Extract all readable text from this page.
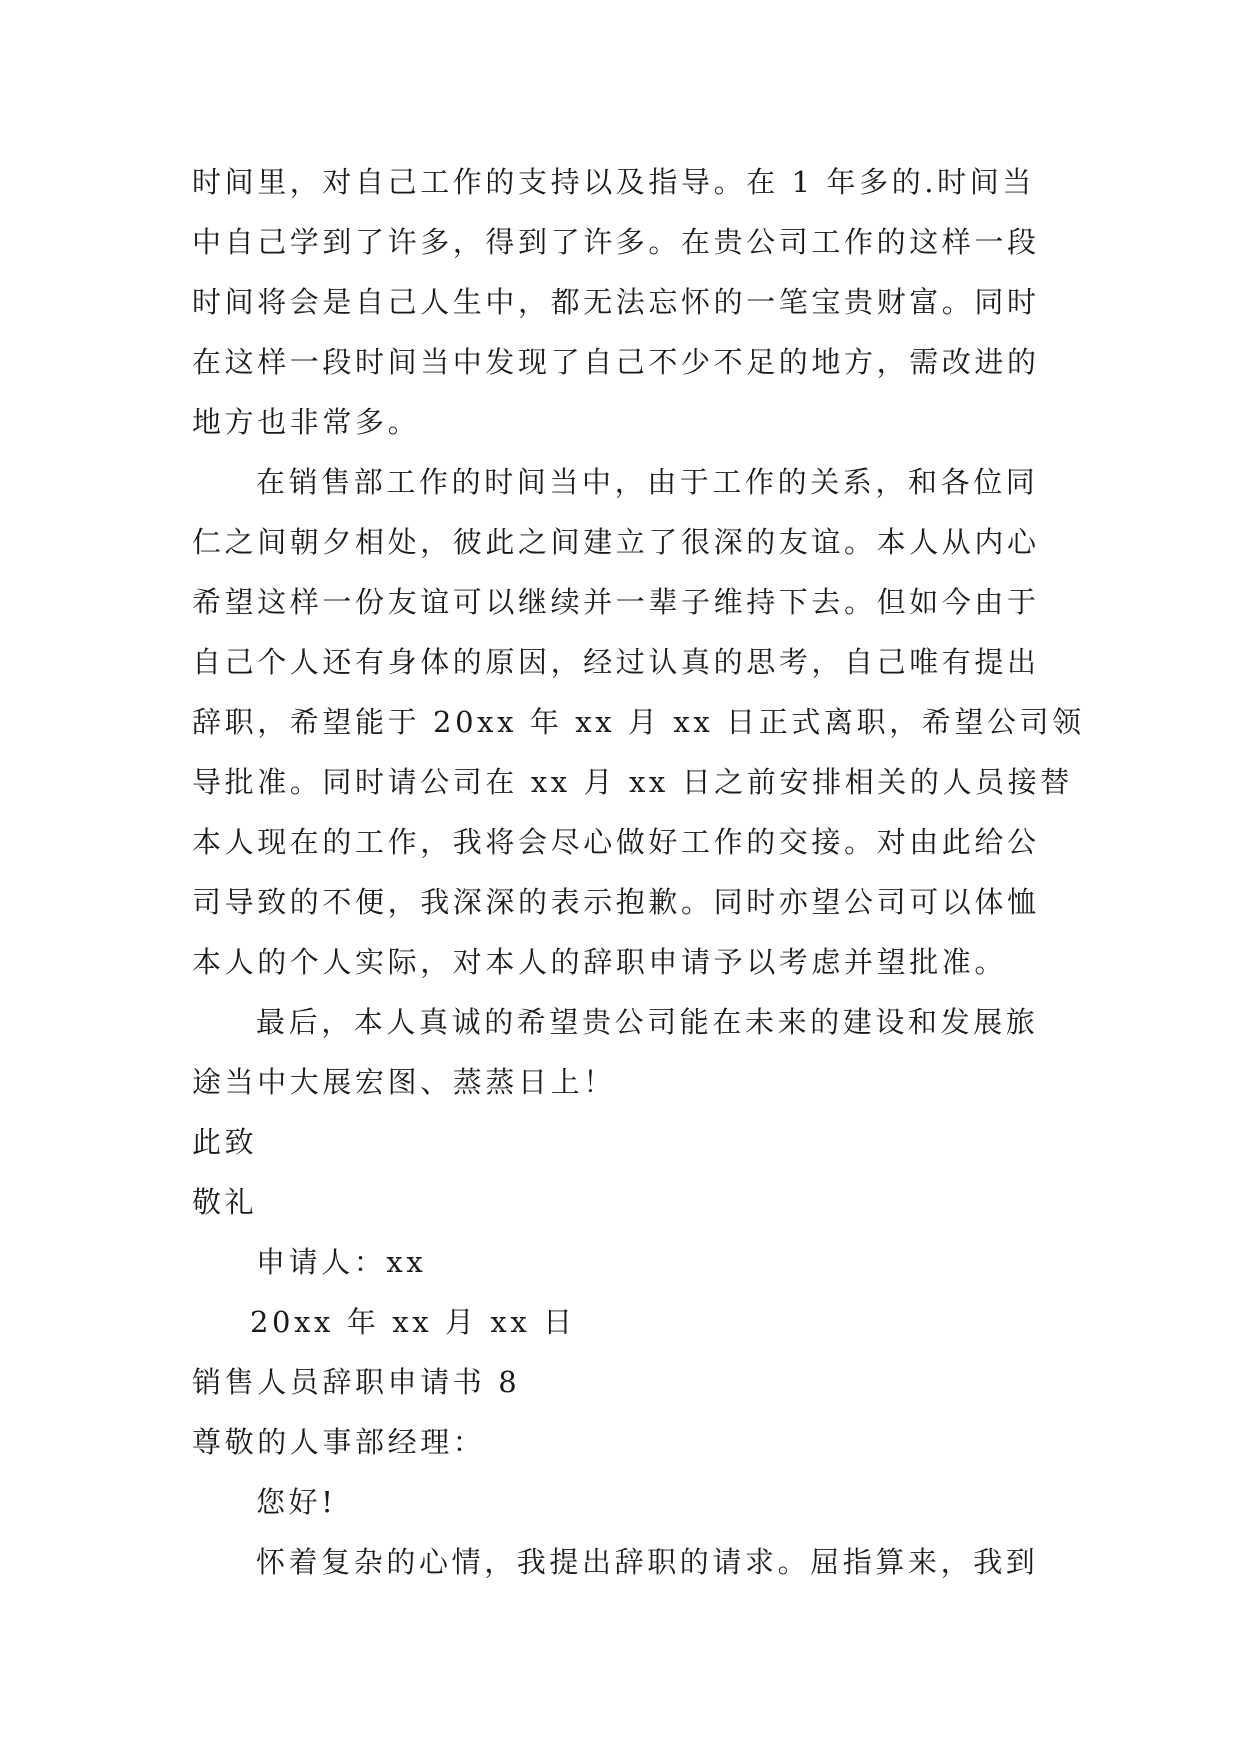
时间里，对自己工作的支持以及指导。在 1 年多的.时间当
中自己学到了许多，得到了许多。在贵公司工作的这样一段
时间将会是自己人生中，都无法忘怀的一笔宝贵财富。同时
在这样一段时间当中发现了自己不少不足的地方，需改进的
地方也非常多。

在销售部工作的时间当中，由于工作的关系，和各位同
仁之间朝夕相处，彼此之间建立了很深的友谊。本人从内心
希望这样一份友谊可以继续并一辈子维持下去。但如今由于
自己个人还有身体的原因，经过认真的思考，自己唯有提出
辞职，希望能于 20xx 年 xx 月 xx 日正式离职，希望公司领
导批准。同时请公司在 xx 月 xx 日之前安排相关的人员接替
本人现在的工作，我将会尽心做好工作的交接。对由此给公
司导致的不便，我深深的表示抱歉。同时亦望公司可以体恤
本人的个人实际，对本人的辞职申请予以考虑并望批准。

最后，本人真诚的希望贵公司能在未来的建设和发展旅
途当中大展宏图、蒸蒸日上！

此致

敬礼

申请人：xx

20xx 年 xx 月 xx 日

销售人员辞职申请书 8

尊敬的人事部经理：

您好!

怀着复杂的心情，我提出辞职的请求。屈指算来，我到
